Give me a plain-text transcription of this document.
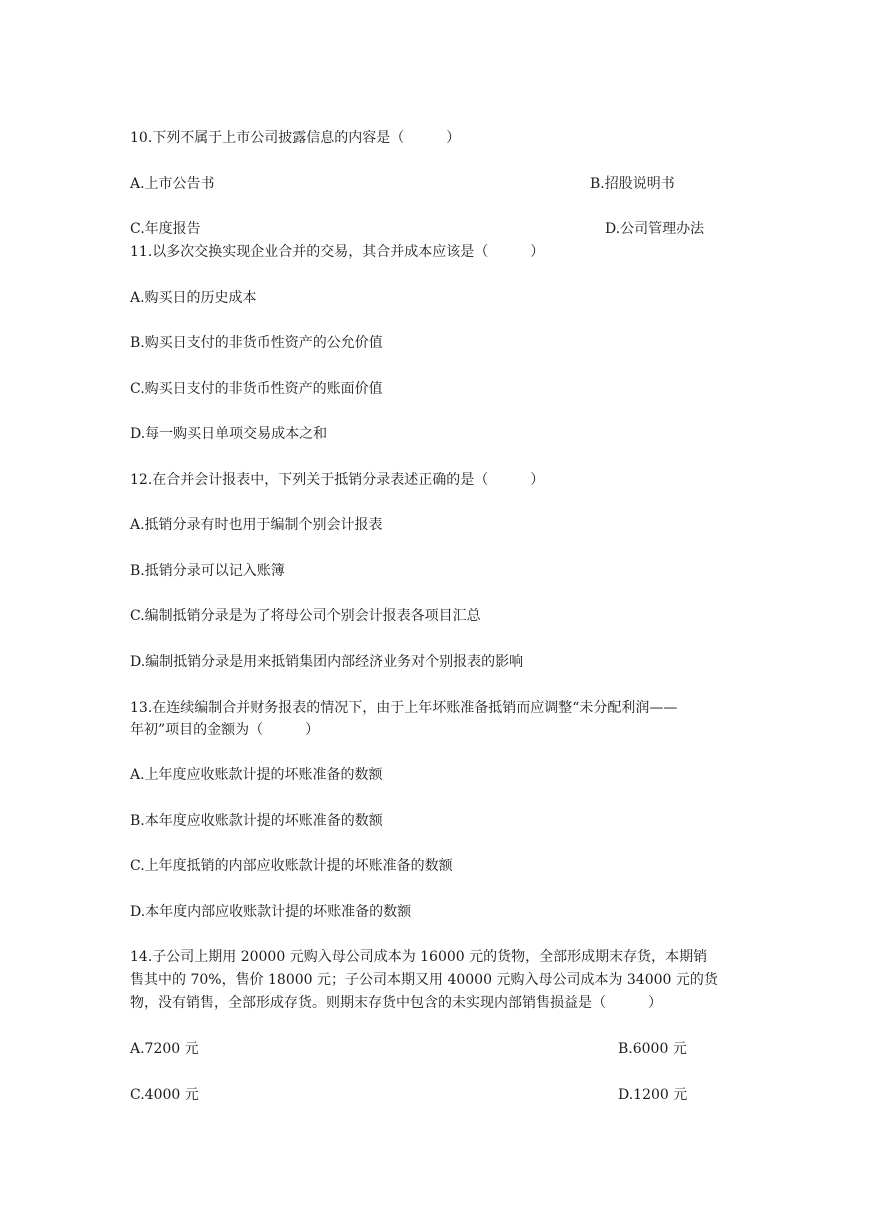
10.下列不属于上市公司披露信息的内容是（　　　）
A.上市公告书	B.招股说明书
C.年度报告	D.公司管理办法
11.以多次交换实现企业合并的交易，其合并成本应该是（　　　）
A.购买日的历史成本
B.购买日支付的非货币性资产的公允价值
C.购买日支付的非货币性资产的账面价值
D.每一购买日单项交易成本之和
12.在合并会计报表中，下列关于抵销分录表述正确的是（　　　）
A.抵销分录有时也用于编制个别会计报表
B.抵销分录可以记入账簿
C.编制抵销分录是为了将母公司个别会计报表各项目汇总
D.编制抵销分录是用来抵销集团内部经济业务对个别报表的影响
13.在连续编制合并财务报表的情况下，由于上年坏账准备抵销而应调整“未分配利润——
年初”项目的金额为（　　　）
A.上年度应收账款计提的坏账准备的数额
B.本年度应收账款计提的坏账准备的数额
C.上年度抵销的内部应收账款计提的坏账准备的数额
D.本年度内部应收账款计提的坏账准备的数额
14.子公司上期用 20000 元购入母公司成本为 16000 元的货物，全部形成期末存货，本期销
售其中的 70%，售价 18000 元；子公司本期又用 40000 元购入母公司成本为 34000 元的货
物，没有销售，全部形成存货。则期末存货中包含的未实现内部销售损益是（　　　）
A.7200 元	B.6000 元
C.4000 元	D.1200 元
